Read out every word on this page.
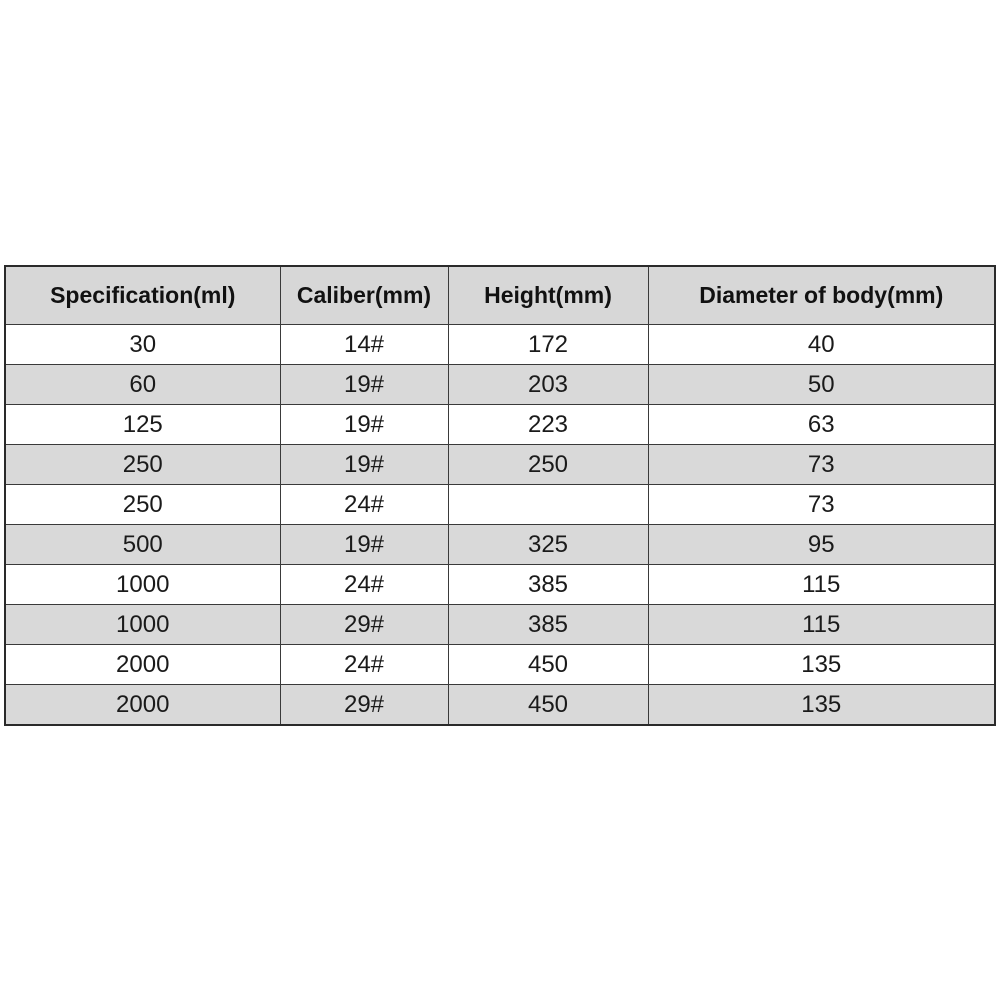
Specification(ml)	Caliber(mm)	Height(mm)	Diameter of body(mm)
30	14#	172	40
60	19#	203	50
125	19#	223	63
250	19#	250	73
250	24#		73
500	19#	325	95
1000	24#	385	115
1000	29#	385	115
2000	24#	450	135
2000	29#	450	135
